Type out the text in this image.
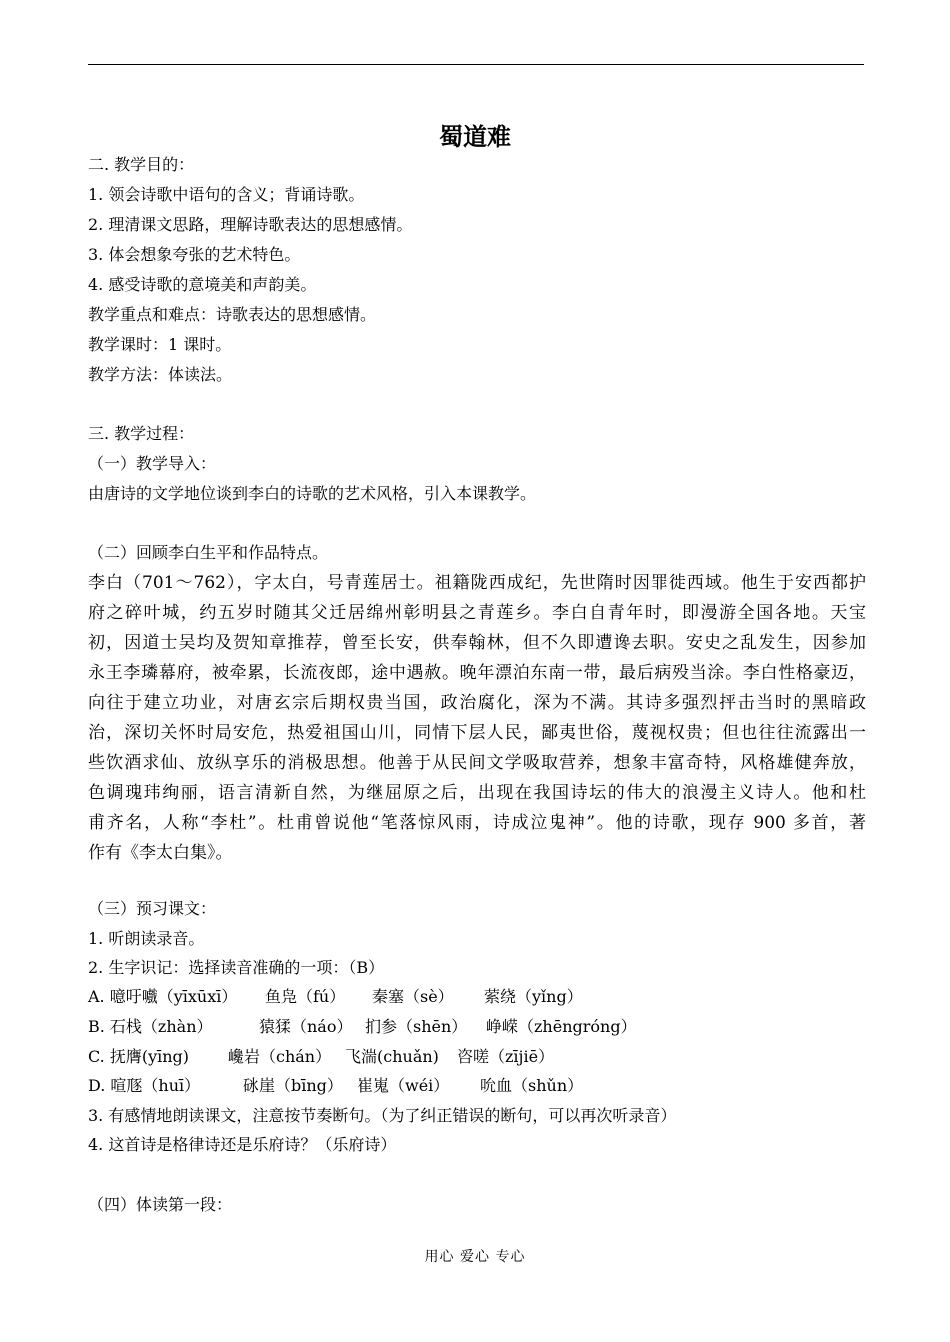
蜀道难
二. 教学目的：
1. 领会诗歌中语句的含义；背诵诗歌。
2. 理清课文思路，理解诗歌表达的思想感情。
3. 体会想象夸张的艺术特色。
4. 感受诗歌的意境美和声韵美。
教学重点和难点：诗歌表达的思想感情。
教学课时：1 课时。
教学方法：体读法。
三. 教学过程：
（一）教学导入：
由唐诗的文学地位谈到李白的诗歌的艺术风格，引入本课教学。
（二）回顾李白生平和作品特点。
李白（701～762），字太白，号青莲居士。祖籍陇西成纪，先世隋时因罪徙西域。他生于安西都护
府之碎叶城，约五岁时随其父迁居绵州彰明县之青莲乡。李白自青年时，即漫游全国各地。天宝
初，因道士吴均及贺知章推荐，曾至长安，供奉翰林，但不久即遭谗去职。安史之乱发生，因参加
永王李璘幕府，被牵累，长流夜郎，途中遇赦。晚年漂泊东南一带，最后病殁当涂。李白性格豪迈，
向往于建立功业，对唐玄宗后期权贵当国，政治腐化，深为不满。其诗多强烈抨击当时的黑暗政
治，深切关怀时局安危，热爱祖国山川，同情下层人民，鄙夷世俗，蔑视权贵；但也往往流露出一
些饮酒求仙、放纵享乐的消极思想。他善于从民间文学吸取营养，想象丰富奇特，风格雄健奔放，
色调瑰玮绚丽，语言清新自然，为继屈原之后，出现在我国诗坛的伟大的浪漫主义诗人。他和杜
甫齐名，人称“李杜”。杜甫曾说他“笔落惊风雨，诗成泣鬼神”。他的诗歌，现存 900 多首，著
作有《李太白集》。
（三）预习课文：
1. 听朗读录音。
2. 生字识记：选择读音准确的一项：（B）
A. 噫吁嚱（yīxūxī） 鱼凫（fú） 秦塞（sè） 萦绕（yǐng）
B. 石栈（zhàn）	猿猱（náo） 扪参（shēn） 峥嵘（zhēngróng）
C. 抚膺(yīng) 巉岩（chán） 飞湍(chuǎn) 咨嗟（zījiē）
D. 喧豗（huī）	砯崖（bīng） 崔嵬（wéi） 吮血（shǔn）
3. 有感情地朗读课文，注意按节奏断句。（为了纠正错误的断句，可以再次听录音）
4. 这首诗是格律诗还是乐府诗？（乐府诗）
（四）体读第一段：
用心 爱心 专心
